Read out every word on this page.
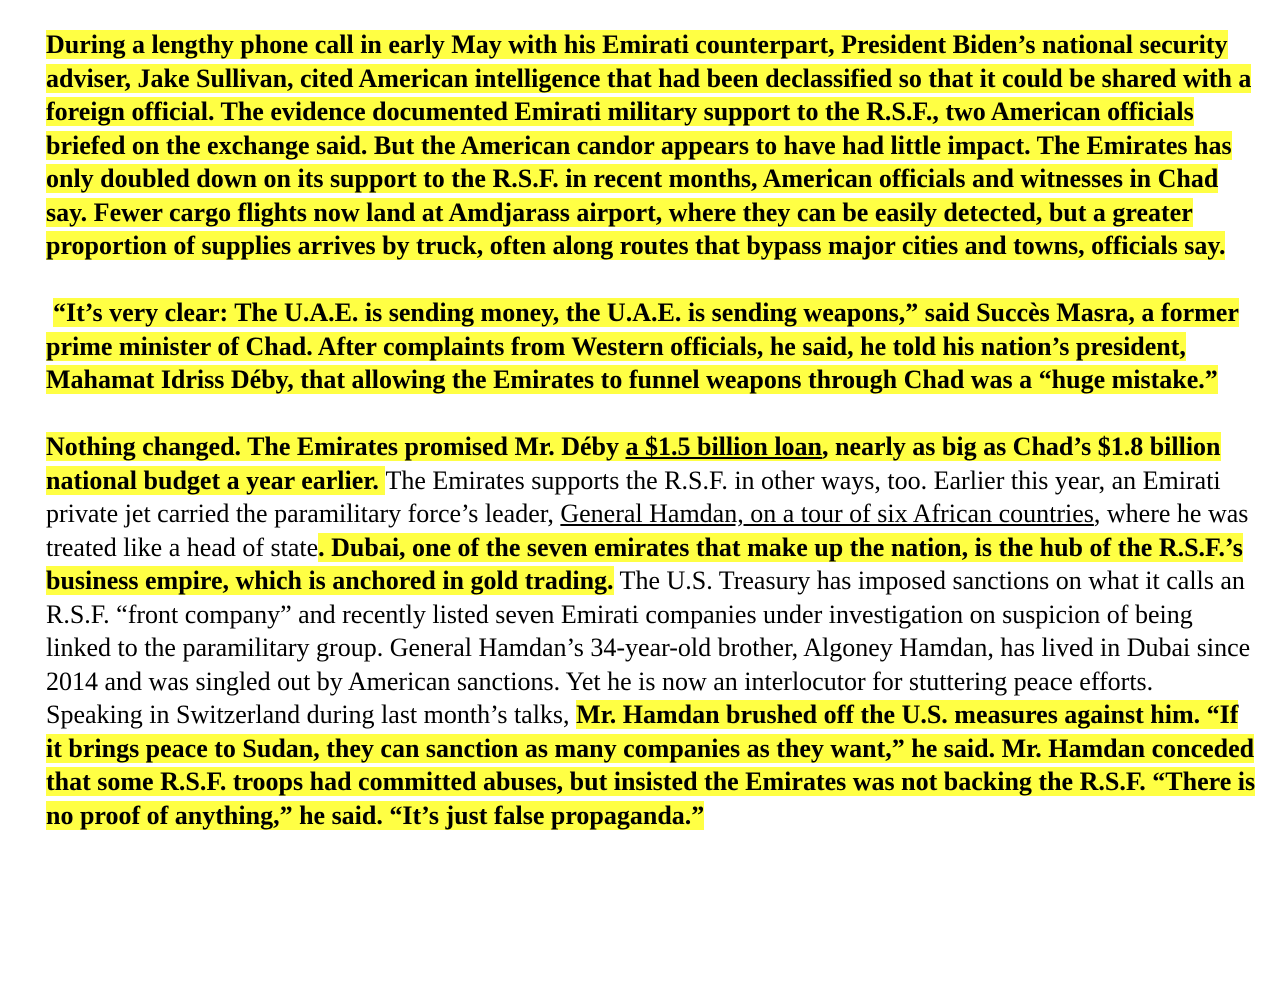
During a lengthy phone call in early May with his Emirati counterpart, President Biden’s national security adviser, Jake Sullivan, cited American intelligence that had been declassified so that it could be shared with a foreign official. The evidence documented Emirati military support to the R.S.F., two American officials briefed on the exchange said. But the American candor appears to have had little impact. The Emirates has only doubled down on its support to the R.S.F. in recent months, American officials and witnesses in Chad say. Fewer cargo flights now land at Amdjarass airport, where they can be easily detected, but a greater proportion of supplies arrives by truck, often along routes that bypass major cities and towns, officials say.

“It’s very clear: The U.A.E. is sending money, the U.A.E. is sending weapons,” said Succès Masra, a former prime minister of Chad. After complaints from Western officials, he said, he told his nation’s president, Mahamat Idriss Déby, that allowing the Emirates to funnel weapons through Chad was a “huge mistake.”

Nothing changed. The Emirates promised Mr. Déby a $1.5 billion loan, nearly as big as Chad’s $1.8 billion national budget a year earlier. The Emirates supports the R.S.F. in other ways, too. Earlier this year, an Emirati private jet carried the paramilitary force’s leader, General Hamdan, on a tour of six African countries, where he was treated like a head of state. Dubai, one of the seven emirates that make up the nation, is the hub of the R.S.F.’s business empire, which is anchored in gold trading. The U.S. Treasury has imposed sanctions on what it calls an R.S.F. “front company” and recently listed seven Emirati companies under investigation on suspicion of being linked to the paramilitary group. General Hamdan’s 34-year-old brother, Algoney Hamdan, has lived in Dubai since 2014 and was singled out by American sanctions. Yet he is now an interlocutor for stuttering peace efforts. Speaking in Switzerland during last month’s talks, Mr. Hamdan brushed off the U.S. measures against him. “If it brings peace to Sudan, they can sanction as many companies as they want,” he said. Mr. Hamdan conceded that some R.S.F. troops had committed abuses, but insisted the Emirates was not backing the R.S.F. “There is no proof of anything,” he said. “It’s just false propaganda.”
